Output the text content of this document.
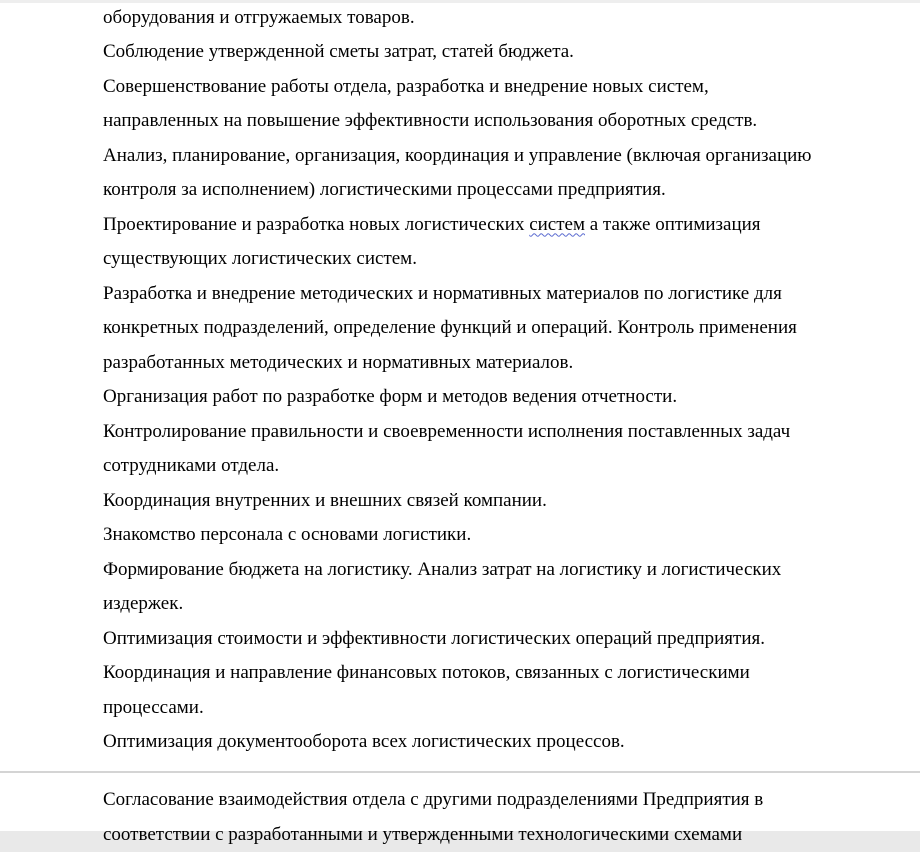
оборудования и отгружаемых товаров.
Соблюдение утвержденной сметы затрат, статей бюджета.
Совершенствование работы отдела, разработка и внедрение новых систем,
направленных на повышение эффективности использования оборотных средств.
Анализ, планирование, организация, координация и управление (включая организацию
контроля за исполнением) логистическими процессами предприятия.
Проектирование и разработка новых логистических систем а также оптимизация
существующих логистических систем.
Разработка и внедрение методических и нормативных материалов по логистике для
конкретных подразделений, определение функций и операций. Контроль применения
разработанных методических и нормативных материалов.
Организация работ по разработке форм и методов ведения отчетности.
Контролирование правильности и своевременности исполнения поставленных задач
сотрудниками отдела.
Координация внутренних и внешних связей компании.
Знакомство персонала с основами логистики.
Формирование бюджета на логистику. Анализ затрат на логистику и логистических
издержек.
Оптимизация стоимости и эффективности логистических операций предприятия.
Координация и направление финансовых потоков, связанных с логистическими
процессами.
Оптимизация документооборота всех логистических процессов.
Согласование взаимодействия отдела с другими подразделениями Предприятия в
соответствии с разработанными и утвержденными технологическими схемами
